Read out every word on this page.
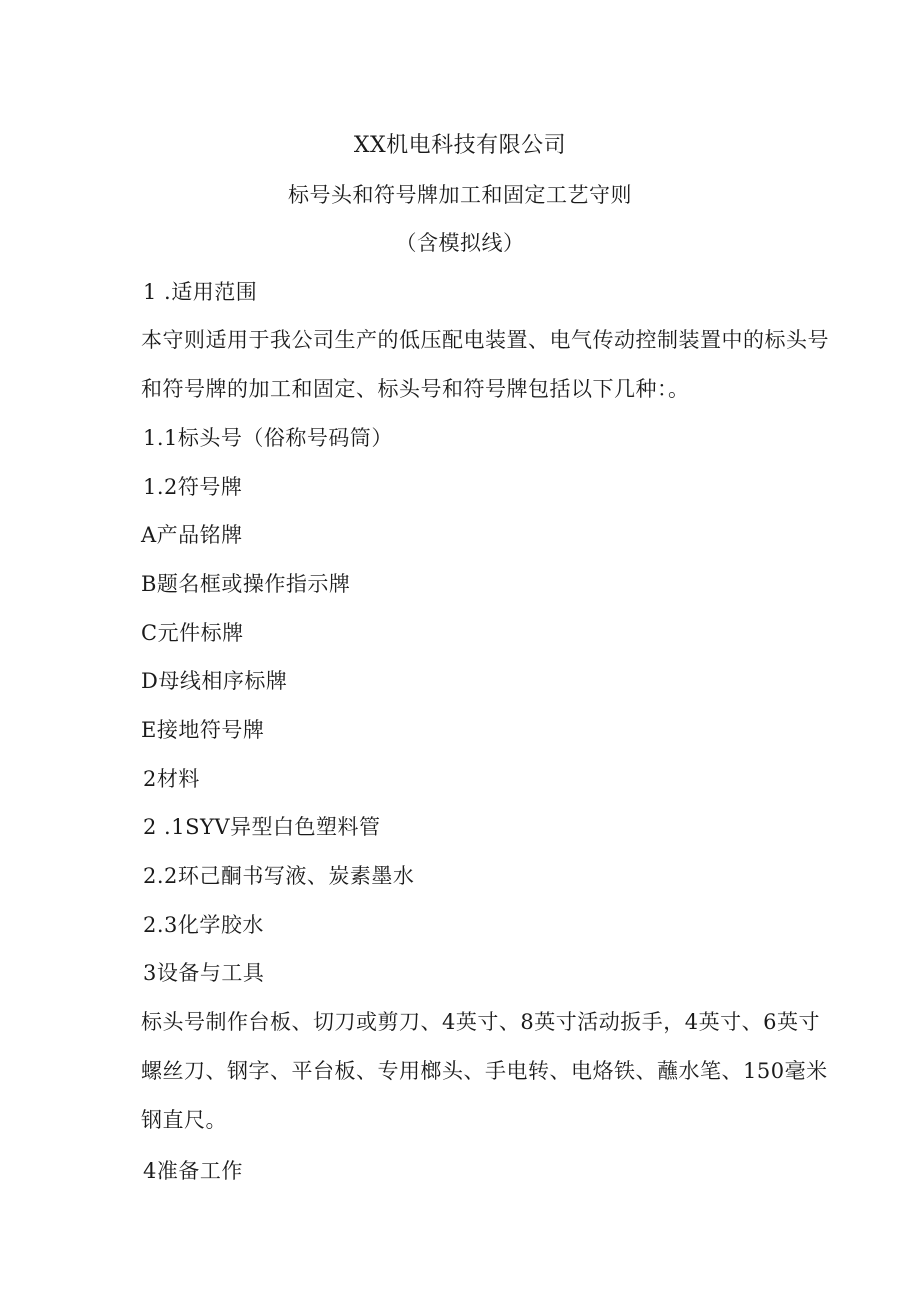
XX机电科技有限公司
标号头和符号牌加工和固定工艺守则
（含模拟线）
1 .适用范围
本守则适用于我公司生产的低压配电装置、电气传动控制装置中的标头号和符号牌的加工和固定、标头号和符号牌包括以下几种：。
1.1标头号（俗称号码筒）
1.2符号牌
A产品铭牌
B题名框或操作指示牌
C元件标牌
D母线相序标牌
E接地符号牌
2材料
2 .1SYV异型白色塑料管
2.2环己酮书写液、炭素墨水
2.3化学胶水
3设备与工具
标头号制作台板、切刀或剪刀、4英寸、8英寸活动扳手，4英寸、6英寸螺丝刀、钢字、平台板、专用榔头、手电转、电烙铁、蘸水笔、150毫米钢直尺。
4准备工作
